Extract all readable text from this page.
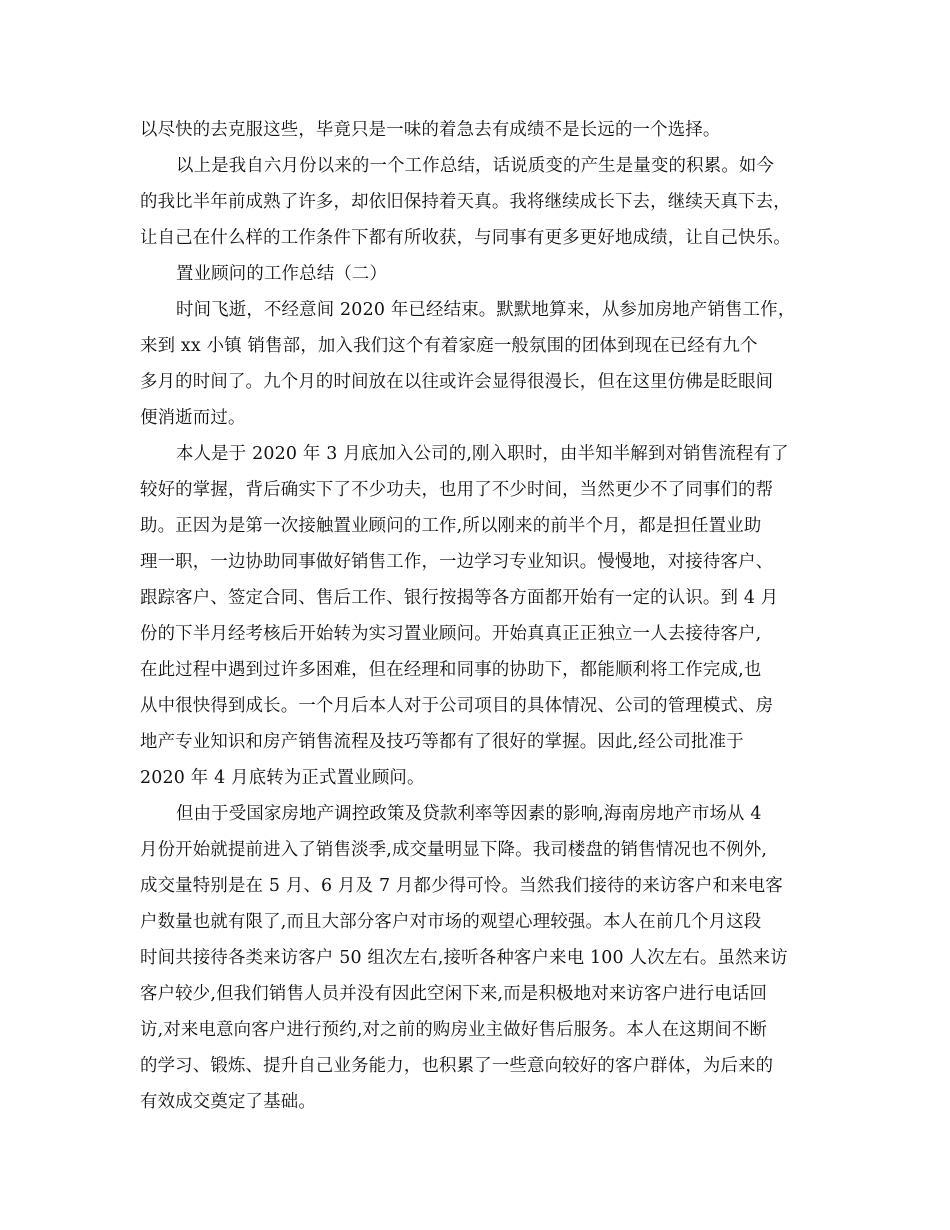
以尽快的去克服这些，毕竟只是一味的着急去有成绩不是长远的一个选择。

以上是我自六月份以来的一个工作总结，话说质变的产生是量变的积累。如今

的我比半年前成熟了许多，却依旧保持着天真。我将继续成长下去，继续天真下去，

让自己在什么样的工作条件下都有所收获，与同事有更多更好地成绩，让自己快乐。

置业顾问的工作总结（二）

时间飞逝，不经意间 2020 年已经结束。默默地算来，从参加房地产销售工作，

来到 xx 小镇 销售部，加入我们这个有着家庭一般氛围的团体到现在已经有九个

多月的时间了。九个月的时间放在以往或许会显得很漫长，但在这里仿佛是眨眼间

便消逝而过。

本人是于 2020 年 3 月底加入公司的,刚入职时，由半知半解到对销售流程有了

较好的掌握，背后确实下了不少功夫，也用了不少时间，当然更少不了同事们的帮

助。正因为是第一次接触置业顾问的工作,所以刚来的前半个月，都是担任置业助

理一职，一边协助同事做好销售工作，一边学习专业知识。慢慢地，对接待客户、

跟踪客户、签定合同、售后工作、银行按揭等各方面都开始有一定的认识。到 4 月

份的下半月经考核后开始转为实习置业顾问。开始真真正正独立一人去接待客户,

在此过程中遇到过许多困难，但在经理和同事的协助下，都能顺利将工作完成,也

从中很快得到成长。一个月后本人对于公司项目的具体情况、公司的管理模式、房

地产专业知识和房产销售流程及技巧等都有了很好的掌握。因此,经公司批准于

2020 年 4 月底转为正式置业顾问。

但由于受国家房地产调控政策及贷款利率等因素的影响,海南房地产市场从 4

月份开始就提前进入了销售淡季,成交量明显下降。我司楼盘的销售情况也不例外,

成交量特别是在 5 月、6 月及 7 月都少得可怜。当然我们接待的来访客户和来电客

户数量也就有限了,而且大部分客户对市场的观望心理较强。本人在前几个月这段

时间共接待各类来访客户 50 组次左右,接听各种客户来电 100 人次左右。虽然来访

客户较少,但我们销售人员并没有因此空闲下来,而是积极地对来访客户进行电话回

访,对来电意向客户进行预约,对之前的购房业主做好售后服务。本人在这期间不断

的学习、锻炼、提升自己业务能力，也积累了一些意向较好的客户群体，为后来的

有效成交奠定了基础。
